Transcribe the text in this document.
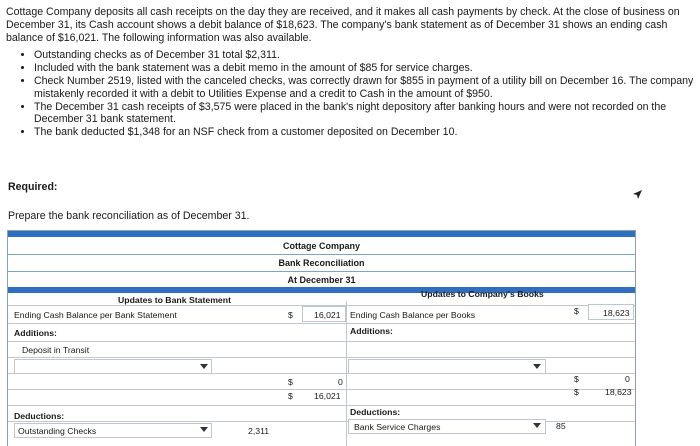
Cottage Company deposits all cash receipts on the day they are received, and it makes all cash payments by check. At the close of business on December 31, its Cash account shows a debit balance of $18,623. The company's bank statement as of December 31 shows an ending cash balance of $16,021. The following information was also available.

• Outstanding checks as of December 31 total $2,311.
• Included with the bank statement was a debit memo in the amount of $85 for service charges.
• Check Number 2519, listed with the canceled checks, was correctly drawn for $855 in payment of a utility bill on December 16. The company mistakenly recorded it with a debit to Utilities Expense and a credit to Cash in the amount of $950.
• The December 31 cash receipts of $3,575 were placed in the bank's night depository after banking hours and were not recorded on the December 31 bank statement.
• The bank deducted $1,348 for an NSF check from a customer deposited on December 10.
Required:
Prepare the bank reconciliation as of December 31.
Cottage Company
Bank Reconciliation
At December 31
Updates to Bank Statement
Updates to Company's Books
Ending Cash Balance per Bank Statement	$ 16,021 Ending Cash Balance per Books	$	18,623
Additions:	Additions:
Deposit in Transit
$	0	$	0
$ 16,021	$	18,623
Deductions:	Deductions:
Outstanding Checks	2,311	Bank Service Charges	85
